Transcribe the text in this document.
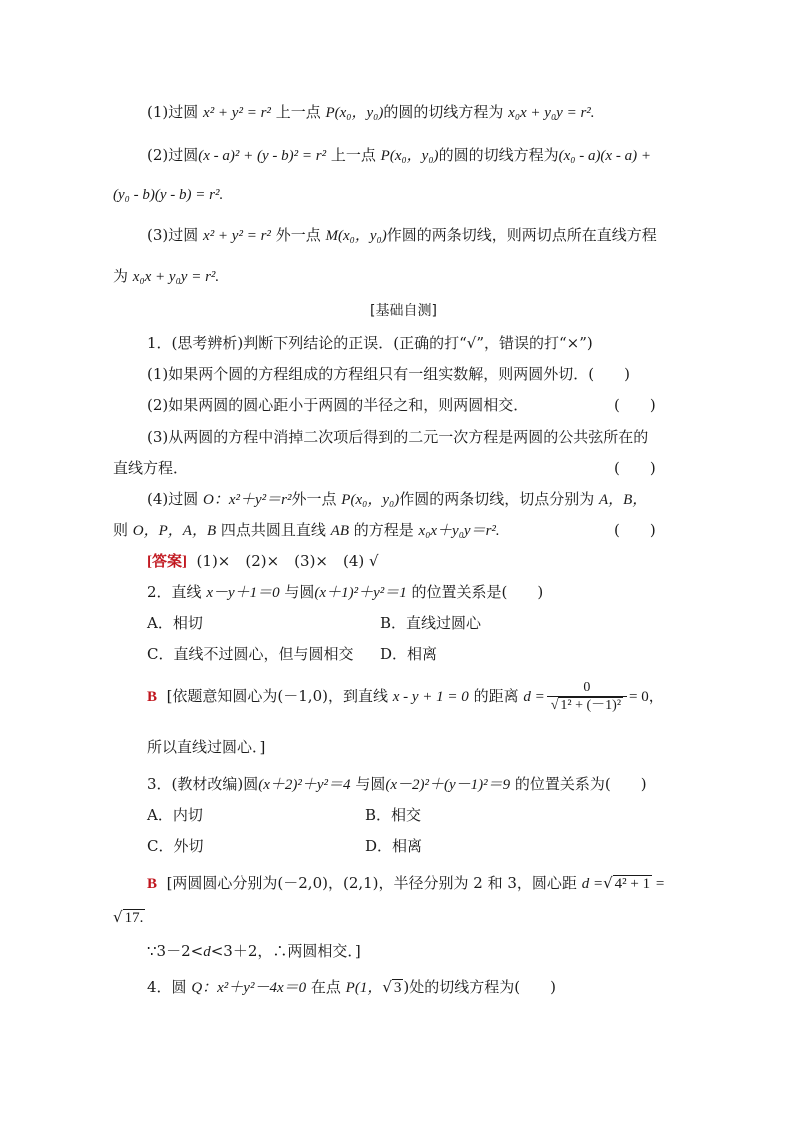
(1)过圆 x² + y² = r² 上一点 P(x₀，y₀)的圆的切线方程为 x₀x + y₀y = r².
(2)过圆(x - a)² + (y - b)² = r² 上一点 P(x₀，y₀)的圆的切线方程为(x₀ - a)(x - a) +
(y₀ - b)(y - b) = r².
(3)过圆 x² + y² = r² 外一点 M(x₀，y₀)作圆的两条切线，则两切点所在直线方程
为 x₀x + y₀y = r².
[基础自测]
1．(思考辨析)判断下列结论的正误．(正确的打“√”，错误的打“×”)
(1)如果两个圆的方程组成的方程组只有一组实数解，则两圆外切．(　　)
(2)如果两圆的圆心距小于两圆的半径之和，则两圆相交．	(　　)
(3)从两圆的方程中消掉二次项后得到的二元一次方程是两圆的公共弦所在的
直线方程．	(　　)
(4)过圆 O：x²＋y²＝r²外一点 P(x₀，y₀)作圆的两条切线，切点分别为 A，B，
则 O，P，A，B 四点共圆且直线 AB 的方程是 x₀x＋y₀y＝r².	(　　)
[答案] (1)×　(2)×　(3)×　(4) √
2．直线 x－y＋1＝0 与圆(x＋1)²＋y²＝1 的位置关系是(　　)
A．相切	B．直线过圆心
C．直线不过圆心，但与圆相交 D．相离
B [依题意知圆心为(－1,0)，到直线 x - y + 1 = 0 的距离 $d = \frac{0}{\text{√ 1² + (－1)²}} = 0$，
所以直线过圆心．]
3．(教材改编)圆(x＋2)²＋y²＝4 与圆(x－2)²＋(y－1)²＝9 的位置关系为(　　)
A．内切	B．相交
C．外切	D．相离
B [两圆圆心分别为(－2,0)，(2,1)，半径分别为 2 和 3，圆心距 d =√ 4² + 1 =
√ 17.
∵3－2<d<3＋2，∴两圆相交．]
4．圆 Q：x²＋y²－4x＝0 在点 P(1，√ 3 )处的切线方程为(　　)
